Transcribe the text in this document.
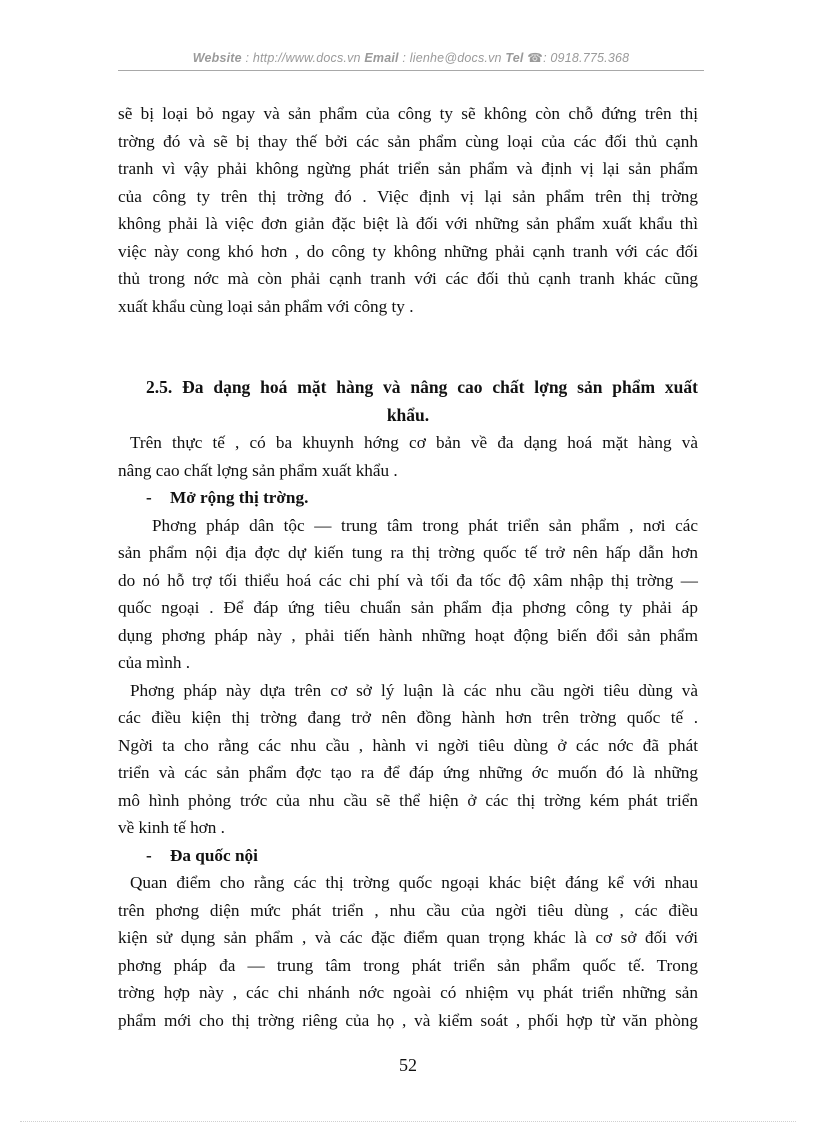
Website : http://www.docs.vn Email : lienhe@docs.vn Tel ☎: 0918.775.368
sẽ bị loại bỏ ngay và sản phẩm của công ty sẽ không còn chỗ đứng trên thị
trờng đó và sẽ bị thay thế bởi các sản phẩm cùng loại của các đối thủ cạnh
tranh vì vậy phải không ngừng phát triển sản phẩm và định vị lại sản phẩm
của công ty trên thị trờng đó . Việc định vị lại sản phẩm trên thị trờng
không phải là việc đơn giản đặc biệt là đối với những sản phẩm xuất khẩu thì
việc này cong khó hơn , do công ty không những phải cạnh tranh với các đối
thủ trong nớc mà còn phải cạnh tranh với các đối thủ cạnh tranh khác cũng
xuất khẩu cùng loại sản phẩm với công ty .
2.5. Đa dạng hoá mặt hàng và nâng cao chất lợng sản phẩm xuất
khẩu.
Trên thực tế , có ba khuynh hớng cơ bản về đa dạng hoá mặt hàng và
nâng cao chất lợng sản phẩm xuất khẩu .
- Mở rộng thị trờng.
Phơng pháp dân tộc — trung tâm trong phát triển sản phẩm , nơi các
sản phẩm nội địa đợc dự kiến tung ra thị trờng quốc tế trở nên hấp dẫn hơn
do nó hỗ trợ tối thiểu hoá các chi phí và tối đa tốc độ xâm nhập thị trờng —
quốc ngoại . Để đáp ứng tiêu chuẩn sản phẩm địa phơng công ty phải áp
dụng phơng pháp này , phải tiến hành những hoạt động biến đổi sản phẩm
của mình .
Phơng pháp này dựa trên cơ sở lý luận là các nhu cầu ngời tiêu dùng và
các điều kiện thị trờng đang trở nên đồng hành hơn trên trờng quốc tế .
Ngời ta cho rằng các nhu cầu , hành vi ngời tiêu dùng ở các nớc đã phát
triển và các sản phẩm đợc tạo ra để đáp ứng những ớc muốn đó là những
mô hình phỏng trớc của nhu cầu sẽ thể hiện ở các thị trờng kém phát triển
về kinh tế hơn .
- Đa quốc nội
Quan điểm cho rằng các thị trờng quốc ngoại khác biệt đáng kể với nhau
trên phơng diện mức phát triển , nhu cầu của ngời tiêu dùng , các điều
kiện sử dụng sản phẩm , và các đặc điểm quan trọng khác là cơ sở đối với
phơng pháp đa — trung tâm trong phát triển sản phẩm quốc tế. Trong
trờng hợp này , các chi nhánh nớc ngoài có nhiệm vụ phát triển những sản
phẩm mới cho thị trờng riêng của họ , và kiểm soát , phối hợp từ văn phòng
52
